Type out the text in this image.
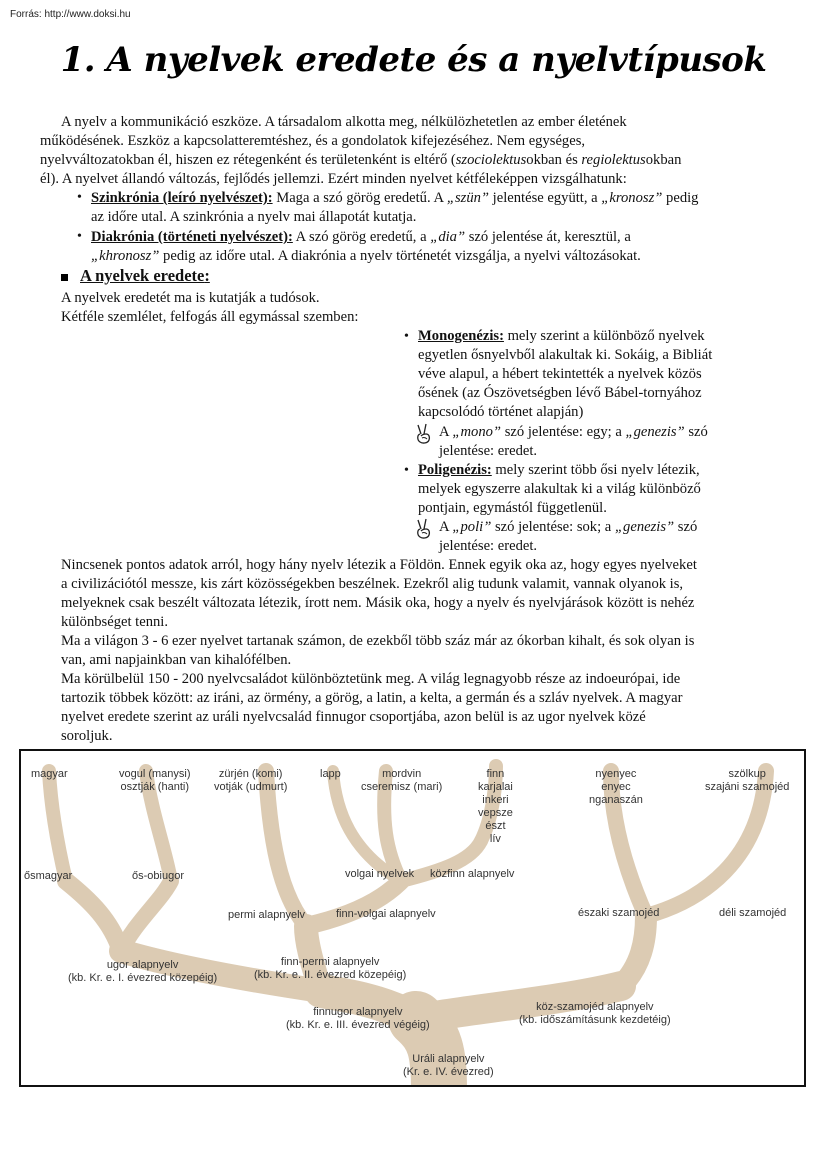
Forrás: http://www.doksi.hu
1. A nyelvek eredete és a nyelvtípusok

A nyelv a kommunikáció eszköze. A társadalom alkotta meg, nélkülözhetetlen az ember életének

működésének. Eszköz a kapcsolatteremtéshez, és a gondolatok kifejezéséhez. Nem egységes,

nyelvváltozatokban él, hiszen ez rétegenként és területenként is eltérő (szociolektusokban és regiolektusokban

él). A nyelvet állandó változás, fejlődés jellemzi. Ezért minden nyelvet kétféleképpen vizsgálhatunk:

• Szinkrónia (leíró nyelvészet): Maga a szó görög eredetű. A „szün” jelentése együtt, a „kronosz” pedig

az időre utal. A szinkrónia a nyelv mai állapotát kutatja.

• Diakrónia (történeti nyelvészet): A szó görög eredetű, a „dia” szó jelentése át, keresztül, a

„khronosz” pedig az időre utal. A diakrónia a nyelv történetét vizsgálja, a nyelvi változásokat.

A nyelvek eredete:

A nyelvek eredetét ma is kutatják a tudósok.

Kétféle szemlélet, felfogás áll egymással szemben:

• Monogenézis: mely szerint a különböző nyelvek

egyetlen ősnyelvből alakultak ki. Sokáig, a Bibliát

véve alapul, a hébert tekintették a nyelvek közös

ősének (az Ószövetségben lévő Bábel-tornyához

kapcsolódó történet alapján)

A „mono” szó jelentése: egy; a „genezis” szó

jelentése: eredet.

• Poligenézis: mely szerint több ősi nyelv létezik,

melyek egyszerre alakultak ki a világ különböző

pontjain, egymástól függetlenül.

A „poli” szó jelentése: sok; a „genezis” szó

jelentése: eredet.

Nincsenek pontos adatok arról, hogy hány nyelv létezik a Földön. Ennek egyik oka az, hogy egyes nyelveket

a civilizációtól messze, kis zárt közösségekben beszélnek. Ezekről alig tudunk valamit, vannak olyanok is,

melyeknek csak beszélt változata létezik, írott nem. Másik oka, hogy a nyelv és nyelvjárások között is nehéz

különbséget tenni.

Ma a világon 3 - 6 ezer nyelvet tartanak számon, de ezekből több száz már az ókorban kihalt, és sok olyan is

van, ami napjainkban van kihalófélben.

Ma körülbelül 150 - 200 nyelvcsaládot különböztetünk meg. A világ legnagyobb része az indoeurópai, ide

tartozik többek között: az iráni, az örmény, a görög, a latin, a kelta, a germán és a szláv nyelvek. A magyar

nyelvet eredete szerint az uráli nyelvcsalád finnugor csoportjába, azon belül is az ugor nyelvek közé

soroljuk.

magyar	vogul (manysi)
osztják (hanti)
zürjén (komi)
votják (udmurt)
lapp	mordvin
cseremisz (mari)
finn
karjalai
inkeri
vepsze
észt
lív
nyenyec
enyec
nganaszán
szölkup
szajáni szamojéd
ősmagyar	ős-obiugor	volgai nyelvek közfinn alapnyelv
permi alapnyelv	finn-volgai alapnyelv	északi szamojéd	déli szamojéd
ugor alapnyelv
(kb. Kr. e. I. évezred közepéig)
finn-permi alapnyelv
(kb. Kr. e. II. évezred közepéig)
köz-szamojéd alapnyelv
(kb. időszámításunk kezdetéig)
finnugor alapnyelv
(kb. Kr. e. III. évezred végéig)
Uráli alapnyelv
(Kr. e. IV. évezred)
